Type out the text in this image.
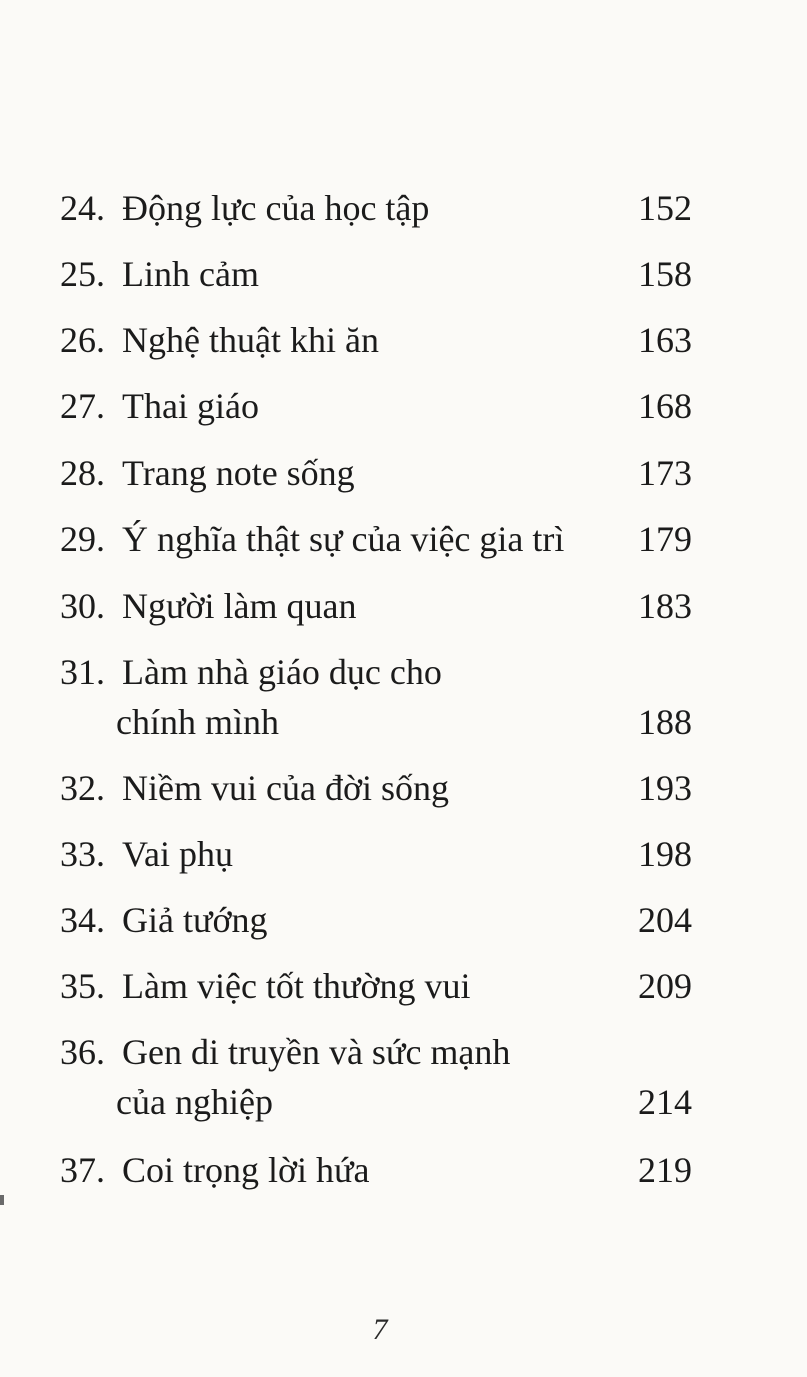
24. Động lực của học tập	152
25. Linh cảm	158
26. Nghệ thuật khi ăn	163
27. Thai giáo	168
28. Trang note sống	173
29. Ý nghĩa thật sự của việc gia trì 179
30. Người làm quan	183
31. Làm nhà giáo dục cho
chính mình	188
32. Niềm vui của đời sống	193
33. Vai phụ	198
34. Giả tướng	204
35. Làm việc tốt thường vui	209
36. Gen di truyền và sức mạnh
của nghiệp	214
37. Coi trọng lời hứa	219
7
